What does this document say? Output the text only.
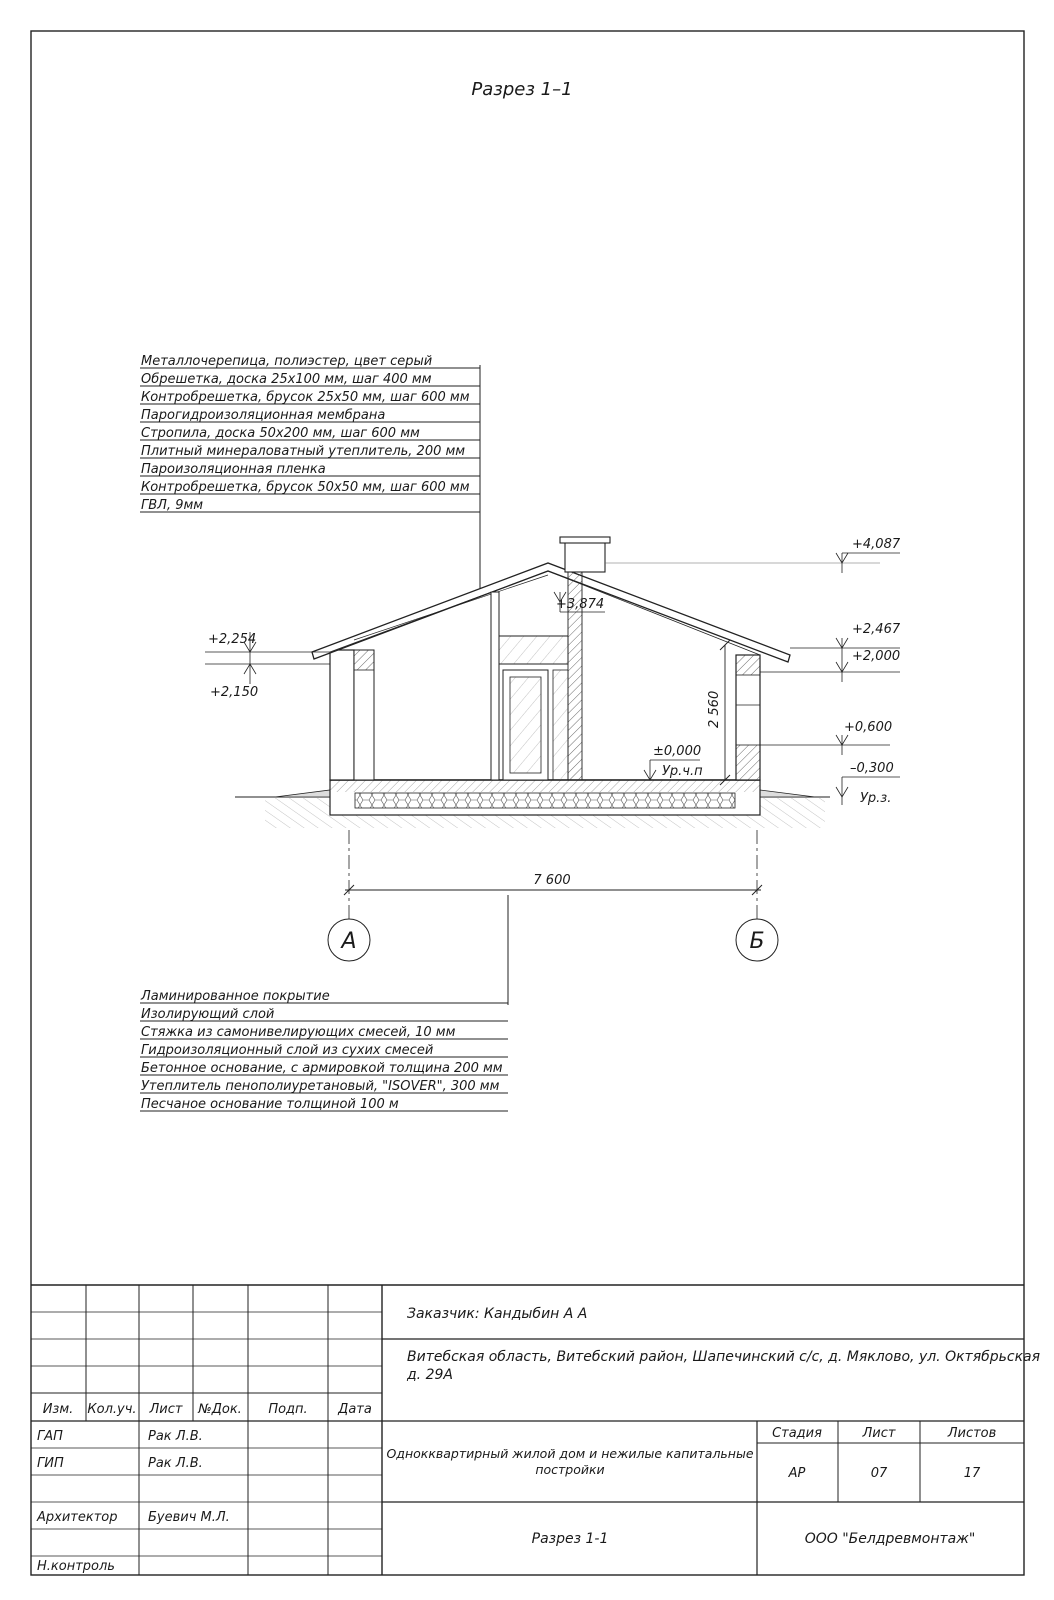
Разрез 1–1
Металлочерепица, полиэстер, цвет серый
Обрешетка, доска 25х100 мм, шаг 400 мм
Контробрешетка, брусок 25х50 мм, шаг 600 мм
Парогидроизоляционная мембрана
Стропила, доска 50х200 мм, шаг 600 мм
Плитный минераловатный утеплитель, 200 мм
Пароизоляционная пленка
Контробрешетка, брусок 50х50 мм, шаг 600 мм
ГВЛ, 9мм
+4,087
+3,874
+2,254
+2,150
+2,467
+2,000
+0,600
±0,000
Ур.ч.п	–0,300
Ур.з.
2 560
7 600
А	Б
Ламинированное покрытие
Изолирующий слой
Стяжка из самонивелирующих смесей, 10 мм
Гидроизоляционный слой из сухих смесей
Бетонное основание, с армировкой толщина 200 мм
Утеплитель пенополиуретановый, "ISOVER", 300 мм
Песчаное основание толщиной 100 м
Изм. Кол.уч. Лист №Док. Подп. Дата
ГАП	Рак Л.В.
ГИП	Рак Л.В.
Архитектор Буевич М.Л.
Н.контроль
Заказчик: Кандыбин А А
Витебская область, Витебский район, Шапечинский с/с, д. Мяклово, ул. Октябрьская
д. 29А
Однокквартирный жилой дом и нежилые капитальные
постройки
Стадия	Лист	Листов
АР	07	17
Разрез 1-1	ООО "Белдревмонтаж"
